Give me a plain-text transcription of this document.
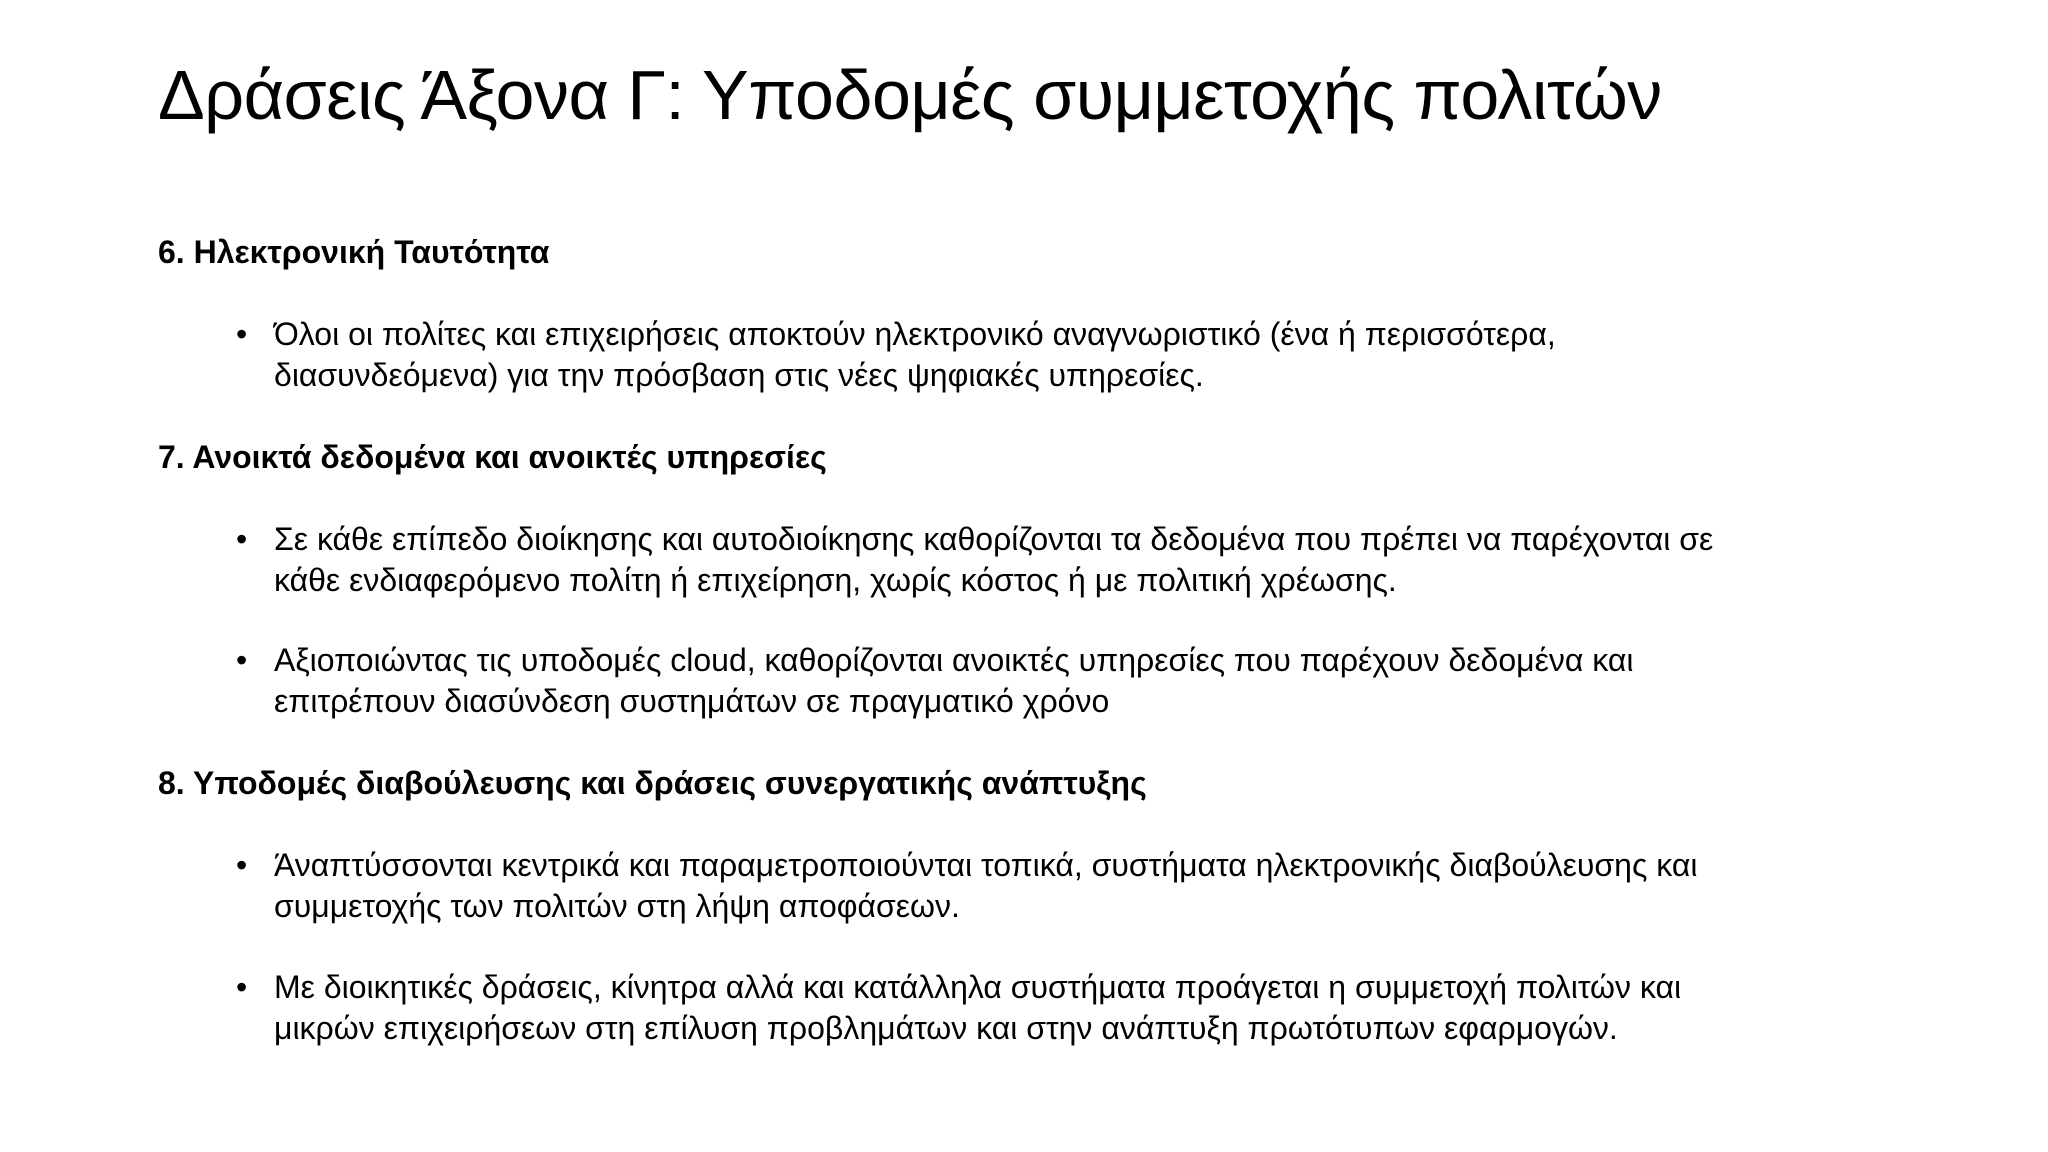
Δράσεις Άξονα Γ: Υποδομές συμμετοχής πολιτών
6. Ηλεκτρονική Ταυτότητα
• Όλοι οι πολίτες και επιχειρήσεις αποκτούν ηλεκτρονικό αναγνωριστικό (ένα ή περισσότερα,
διασυνδεόμενα) για την πρόσβαση στις νέες ψηφιακές υπηρεσίες.
7. Ανοικτά δεδομένα και ανοικτές υπηρεσίες
• Σε κάθε επίπεδο διοίκησης και αυτοδιοίκησης καθορίζονται τα δεδομένα που πρέπει να παρέχονται σε
κάθε ενδιαφερόμενο πολίτη ή επιχείρηση, χωρίς κόστος ή με πολιτική χρέωσης.
• Αξιοποιώντας τις υποδομές cloud, καθορίζονται ανοικτές υπηρεσίες που παρέχουν δεδομένα και
επιτρέπουν διασύνδεση συστημάτων σε πραγματικό χρόνο
8. Υποδομές διαβούλευσης και δράσεις συνεργατικής ανάπτυξης
• Άναπτύσσονται κεντρικά και παραμετροποιούνται τοπικά, συστήματα ηλεκτρονικής διαβούλευσης και
συμμετοχής των πολιτών στη λήψη αποφάσεων.
• Με διοικητικές δράσεις, κίνητρα αλλά και κατάλληλα συστήματα προάγεται η συμμετοχή πολιτών και
μικρών επιχειρήσεων στη επίλυση προβλημάτων και στην ανάπτυξη πρωτότυπων εφαρμογών.
